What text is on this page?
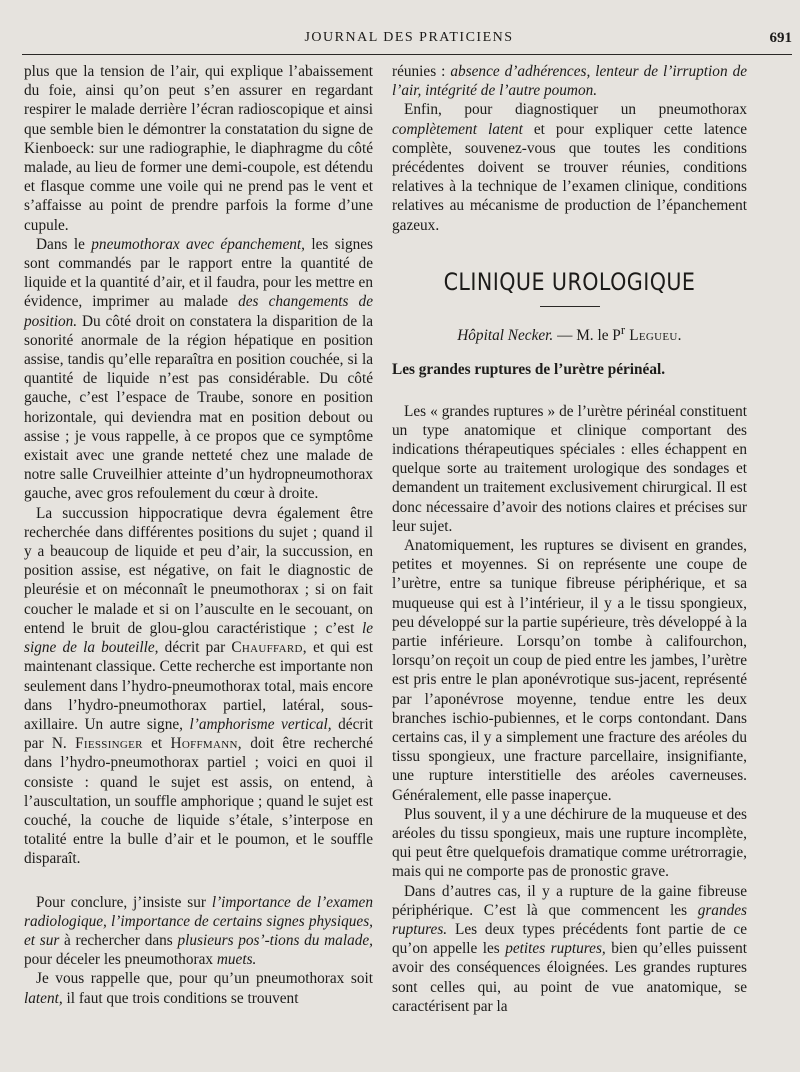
JOURNAL DES PRATICIENS	691

plus que la tension de l’air, qui explique l’abaissement du foie, ainsi qu’on peut s’en assurer en regardant respirer le malade derrière l’écran radioscopique et ainsi que semble bien le démontrer la constatation du signe de Kienboeck: sur une radiographie, le diaphragme du côté malade, au lieu de former une demi-coupole, est détendu et flasque comme une voile qui ne prend pas le vent et s’affaisse au point de prendre parfois la forme d’une cupule.

Dans le pneumothorax avec épanchement, les signes sont commandés par le rapport entre la quantité de liquide et la quantité d’air, et il faudra, pour les mettre en évidence, imprimer au malade des changements de position. Du côté droit on constatera la disparition de la sonorité anormale de la région hépatique en position assise, tandis qu’elle reparaîtra en position couchée, si la quantité de liquide n’est pas considérable. Du côté gauche, c’est l’espace de Traube, sonore en position horizontale, qui deviendra mat en position debout ou assise ; je vous rappelle, à ce propos que ce symptôme existait avec une grande netteté chez une malade de notre salle Cruveilhier atteinte d’un hydropneumothorax gauche, avec gros refoulement du cœur à droite.

La succussion hippocratique devra également être recherchée dans différentes positions du sujet ; quand il y a beaucoup de liquide et peu d’air, la succussion, en position assise, est négative, on fait le diagnostic de pleurésie et on méconnaît le pneumothorax ; si on fait coucher le malade et si on l’ausculte en le secouant, on entend le bruit de glou-glou caractéristique ; c’est le signe de la bouteille, décrit par Chauffard, et qui est maintenant classique. Cette recherche est importante non seulement dans l’hydro-pneumothorax total, mais encore dans l’hydro-pneumothorax partiel, latéral, sous-axillaire. Un autre signe, l’amphorisme vertical, décrit par N. Fiessinger et Hoffmann, doit être recherché dans l’hydro-pneumothorax partiel ; voici en quoi il consiste : quand le sujet est assis, on entend, à l’auscultation, un souffle amphorique ; quand le sujet est couché, la couche de liquide s’étale, s’interpose en totalité entre la bulle d’air et le poumon, et le souffle disparaît.

Pour conclure, j’insiste sur l’importance de l’examen radiologique, l’importance de certains signes physiques, et sur à rechercher dans plusieurs pos’-tions du malade, pour déceler les pneumothorax muets.

Je vous rappelle que, pour qu’un pneumothorax soit latent, il faut que trois conditions se trouvent

réunies : absence d’adhérences, lenteur de l’irruption de l’air, intégrité de l’autre poumon.

Enfin, pour diagnostiquer un pneumothorax complètement latent et pour expliquer cette latence complète, souvenez-vous que toutes les conditions précédentes doivent se trouver réunies, conditions relatives à la technique de l’examen clinique, conditions relatives au mécanisme de production de l’épanchement gazeux.

CLINIQUE UROLOGIQUE
Hôpital Necker. — M. le $P^r$ Legueu.
Les grandes ruptures de l’urètre périnéal.

Les « grandes ruptures » de l’urètre périnéal constituent un type anatomique et clinique comportant des indications thérapeutiques spéciales : elles échappent en quelque sorte au traitement urologique des sondages et demandent un traitement exclusivement chirurgical. Il est donc nécessaire d’avoir des notions claires et précises sur leur sujet.

Anatomiquement, les ruptures se divisent en grandes, petites et moyennes. Si on représente une coupe de l’urètre, entre sa tunique fibreuse périphérique, et sa muqueuse qui est à l’intérieur, il y a le tissu spongieux, peu développé sur la partie supérieure, très développé à la partie inférieure. Lorsqu’on tombe à califourchon, lorsqu’on reçoit un coup de pied entre les jambes, l’urètre est pris entre le plan aponévrotique sus-jacent, représenté par l’aponévrose moyenne, tendue entre les deux branches ischio-pubiennes, et le corps contondant. Dans certains cas, il y a simplement une fracture des aréoles du tissu spongieux, une fracture parcellaire, insignifiante, une rupture interstitielle des aréoles caverneuses. Généralement, elle passe inaperçue.

Plus souvent, il y a une déchirure de la muqueuse et des aréoles du tissu spongieux, mais une rupture incomplète, qui peut être quelquefois dramatique comme urétrorragie, mais qui ne comporte pas de pronostic grave.

Dans d’autres cas, il y a rupture de la gaine fibreuse périphérique. C’est là que commencent les grandes ruptures. Les deux types précédents font partie de ce qu’on appelle les petites ruptures, bien qu’elles puissent avoir des conséquences éloignées. Les grandes ruptures sont celles qui, au point de vue anatomique, se caractérisent par la
